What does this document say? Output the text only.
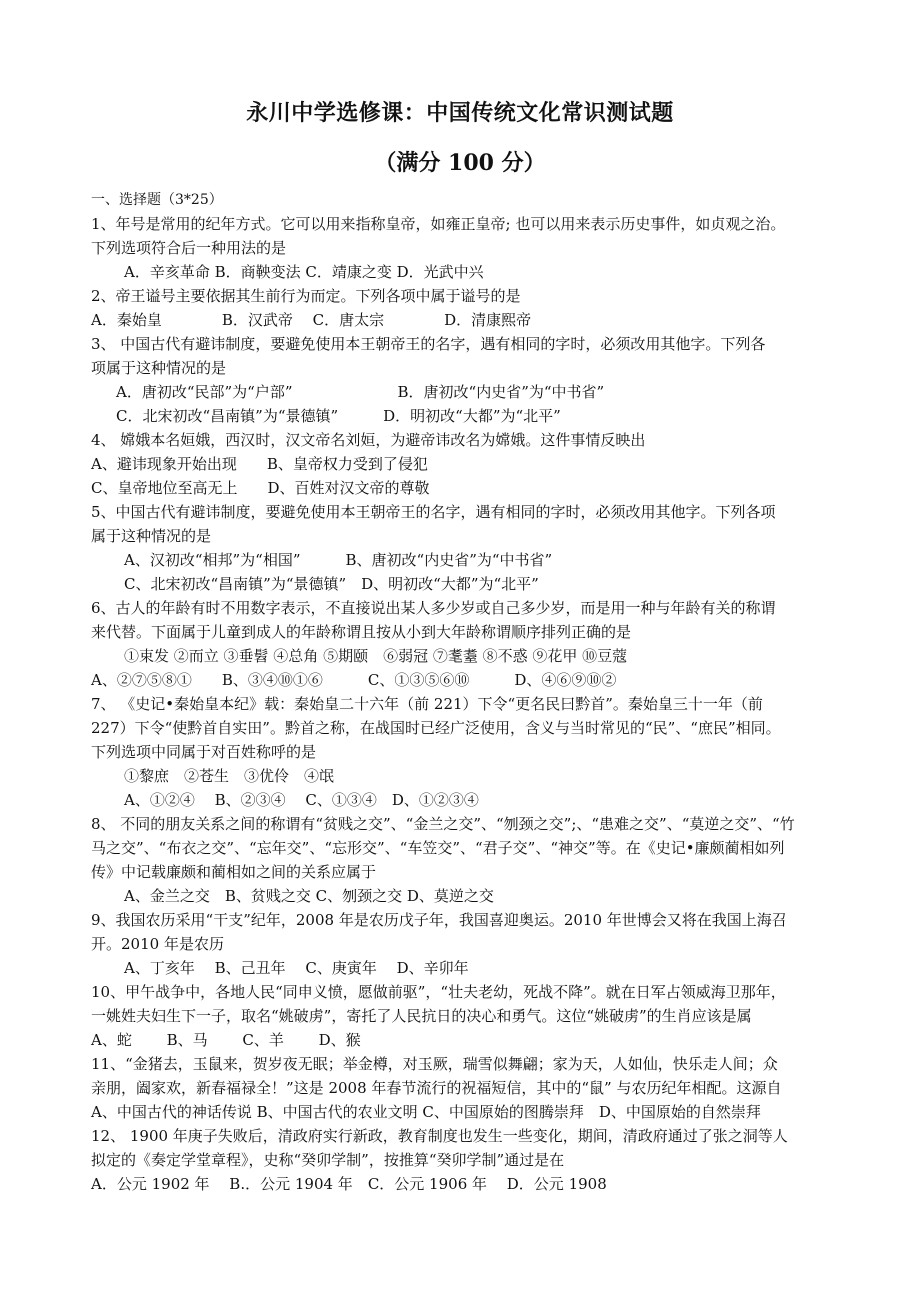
永川中学选修课：中国传统文化常识测试题
（满分 100 分）
一、选择题（3*25）
1、年号是常用的纪年方式。它可以用来指称皇帝，如雍正皇帝; 也可以用来表示历史事件，如贞观之治。
下列选项符合后一种用法的是
A．辛亥革命 B．商鞅变法 C．靖康之变 D．光武中兴
2、帝王谥号主要依据其生前行为而定。下列各项中属于谥号的是
A．秦始皇　　　　B．汉武帝　 C．唐太宗　　　　D．清康熙帝
3、 中国古代有避讳制度，要避免使用本王朝帝王的名字，遇有相同的字时，必须改用其他字。下列各
项属于这种情况的是
A．唐初改“民部”为“户部”　　　　　　　B．唐初改“内史省”为“中书省”
C．北宋初改“昌南镇”为“景德镇”　　　D．明初改“大都”为“北平”
4、 嫦娥本名姮娥，西汉时，汉文帝名刘姮，为避帝讳改名为嫦娥。这件事情反映出
A、避讳现象开始出现　　B、皇帝权力受到了侵犯
C、皇帝地位至高无上　　D、百姓对汉文帝的尊敬
5、中国古代有避讳制度，要避免使用本王朝帝王的名字，遇有相同的字时，必须改用其他字。下列各项
属于这种情况的是
A、汉初改“相邦”为“相国”　　　B、唐初改“内史省”为“中书省”
C、北宋初改“昌南镇”为“景德镇”　D、明初改“大都”为“北平”
6、古人的年龄有时不用数字表示，不直接说出某人多少岁或自己多少岁，而是用一种与年龄有关的称谓
来代替。下面属于儿童到成人的年龄称谓且按从小到大年龄称谓顺序排列正确的是
①束发 ②而立 ③垂髫 ④总角 ⑤期颐　⑥弱冠 ⑦耄耋 ⑧不惑 ⑨花甲 ⑩豆蔻
A、②⑦⑤⑧①　　B、③④⑩①⑥　　　C、①③⑤⑥⑩　　　D、④⑥⑨⑩②
7、 《史记•秦始皇本纪》载：秦始皇二十六年（前 221）下令“更名民曰黔首”。秦始皇三十一年（前
227）下令“使黔首自实田”。黔首之称，在战国时已经广泛使用，含义与当时常见的“民”、“庶民”相同。
下列选项中同属于对百姓称呼的是
①黎庶　②苍生　③优伶　④氓
A、①②④　 B、②③④　 C、①③④　D、①②③④
8、 不同的朋友关系之间的称谓有“贫贱之交”、“金兰之交”、“刎颈之交”;、“患难之交”、“莫逆之交”、“竹
马之交”、“布衣之交”、“忘年交”、“忘形交”、“车笠交”、“君子交”、“神交”等。在《史记•廉颇蔺相如列
传》中记载廉颇和蔺相如之间的关系应属于
A、金兰之交　B、贫贱之交 C、刎颈之交 D、莫逆之交
9、我国农历采用“干支”纪年，2008 年是农历戊子年，我国喜迎奥运。2010 年世博会又将在我国上海召
开。2010 年是农历
A、丁亥年　 B、己丑年　 C、庚寅年　 D、辛卯年
10、甲午战争中，各地人民“同申义愤，愿做前驱”，“壮夫老幼，死战不降”。就在日军占领威海卫那年，
一姚姓夫妇生下一子，取名“姚破虏”，寄托了人民抗日的决心和勇气。这位“姚破虏”的生肖应该是属
A、蛇　　 B、马　　 C、羊　　 D、猴
11、“金猪去，玉鼠来，贺岁夜无眠；举金樽，对玉厥，瑞雪似舞翩；家为天，人如仙，快乐走人间；众
亲朋，阖家欢，新春福禄全！”这是 2008 年春节流行的祝福短信，其中的“鼠” 与农历纪年相配。这源自
A、中国古代的神话传说 B、中国古代的农业文明 C、中国原始的图腾崇拜　D、中国原始的自然崇拜
12、 1900 年庚子失败后，清政府实行新政，教育制度也发生一些变化，期间，清政府通过了张之洞等人
拟定的《奏定学堂章程》，史称“癸卯学制”，按推算“癸卯学制”通过是在
A．公元 1902 年　 B.．公元 1904 年　C．公元 1906 年　 D．公元 1908
